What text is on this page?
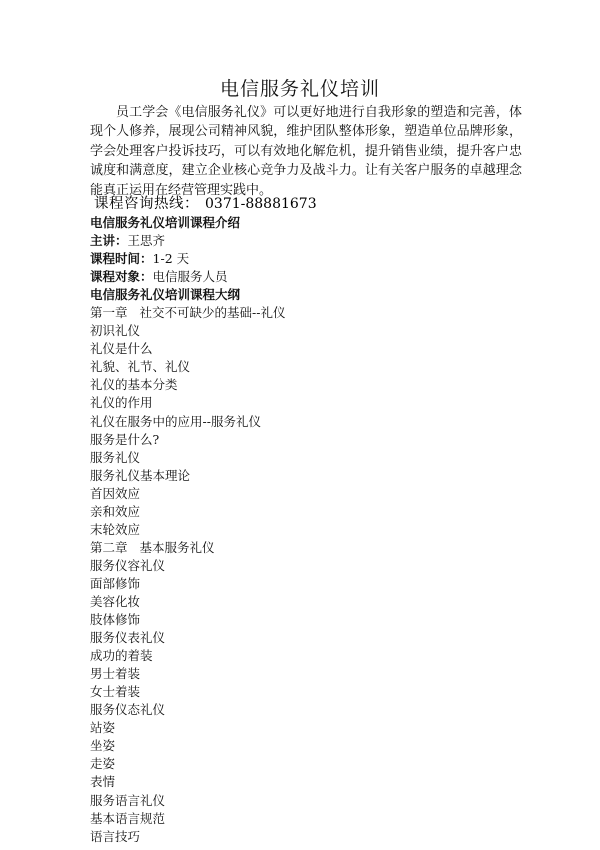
电信服务礼仪培训

员工学会《电信服务礼仪》可以更好地进行自我形象的塑造和完善，体现个人修养，展现公司精神风貌，维护团队整体形象，塑造单位品牌形象，学会处理客户投诉技巧，可以有效地化解危机，提升销售业绩，提升客户忠诚度和满意度，建立企业核心竞争力及战斗力。让有关客户服务的卓越理念能真正运用在经营管理实践中。

课程咨询热线： 0371-88881673
电信服务礼仪培训课程介绍
主讲：王思齐
课程时间：1-2 天
课程对象：电信服务人员
电信服务礼仪培训课程大纲
第一章 社交不可缺少的基础--礼仪
初识礼仪
礼仪是什么
礼貌、礼节、礼仪
礼仪的基本分类
礼仪的作用
礼仪在服务中的应用--服务礼仪
服务是什么?
服务礼仪
服务礼仪基本理论
首因效应
亲和效应
末轮效应
第二章 基本服务礼仪
服务仪容礼仪
面部修饰
美容化妆
肢体修饰
服务仪表礼仪
成功的着装
男士着装
女士着装
服务仪态礼仪
站姿
坐姿
走姿
表情
服务语言礼仪
基本语言规范
语言技巧
